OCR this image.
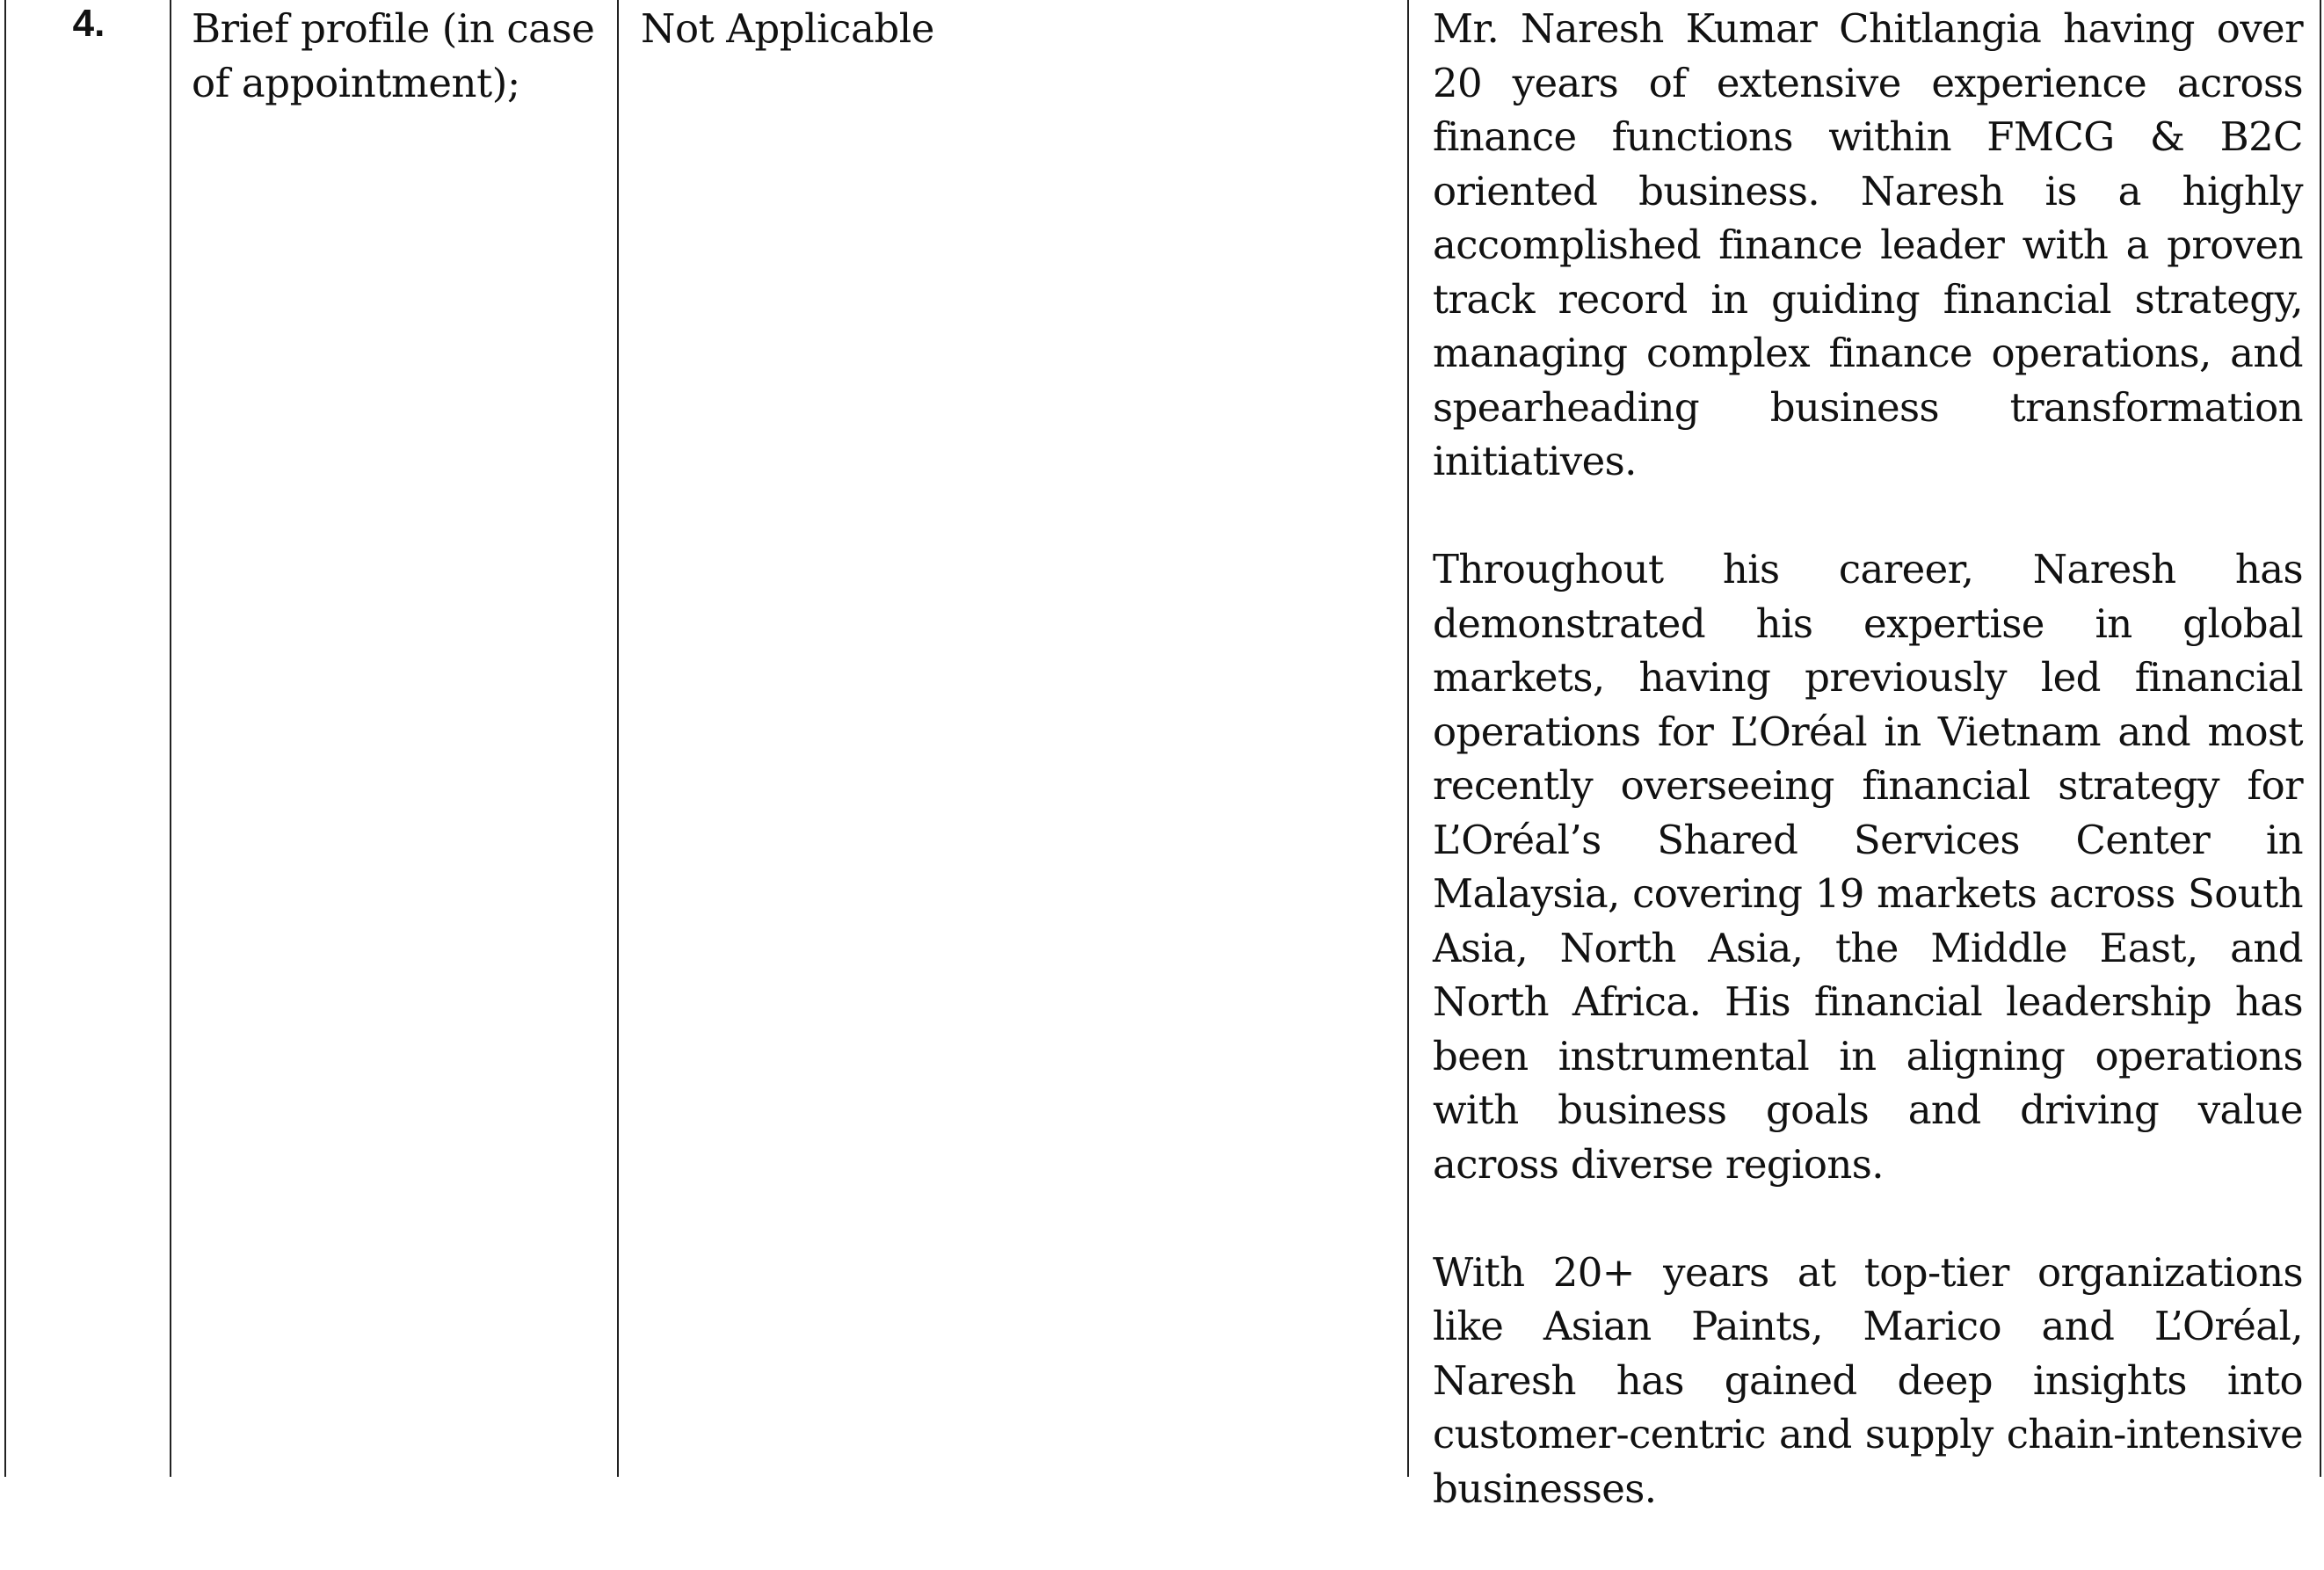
4.	Brief profile (in case of appointment);
Not Applicable	Mr. Naresh Kumar Chitlangia having over 20 years of extensive experience across finance functions within FMCG & B2C oriented business. Naresh is a highly accomplished finance leader with a proven track record in guiding financial strategy, managing complex finance operations, and spearheading business transformation initiatives.

Throughout his career, Naresh has demonstrated his expertise in global markets, having previously led financial operations for L’Oréal in Vietnam and most recently overseeing financial strategy for L’Oréal’s Shared Services Center in Malaysia, covering 19 markets across South Asia, North Asia, the Middle East, and North Africa. His financial leadership has been instrumental in aligning operations with business goals and driving value across diverse regions.

With 20+ years at top-tier organizations like Asian Paints, Marico and L’Oréal, Naresh has gained deep insights into customer-centric and supply chain-intensive businesses.
